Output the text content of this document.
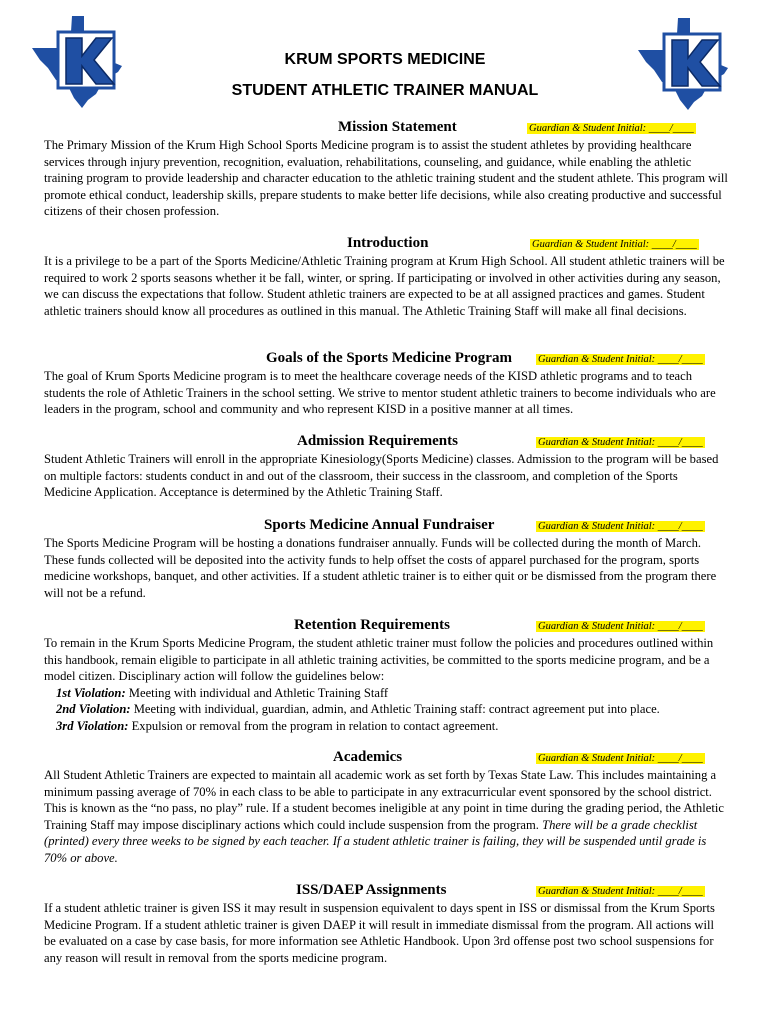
KRUM SPORTS MEDICINE
STUDENT ATHLETIC TRAINER MANUAL
Mission Statement	Guardian & Student Initial: ____/____

The Primary Mission of the Krum High School Sports Medicine program is to assist the student athletes by providing healthcare services through injury prevention, recognition, evaluation, rehabilitations, counseling, and guidance, while enabling the athletic training program to provide leadership and character education to the athletic training student and the student athlete. This program will promote ethical conduct, leadership skills, prepare students to make better life decisions, while also creating productive and successful citizens of their chosen profession.

Introduction	Guardian & Student Initial: ____/____

It is a privilege to be a part of the Sports Medicine/Athletic Training program at Krum High School. All student athletic trainers will be required to work 2 sports seasons whether it be fall, winter, or spring. If participating or involved in other activities during any season, we can discuss the expectations that follow. Student athletic trainers are expected to be at all assigned practices and games. Student athletic trainers should know all procedures as outlined in this manual. The Athletic Training Staff will make all final decisions.

Goals of the Sports Medicine Program Guardian & Student Initial: ____/____

The goal of Krum Sports Medicine program is to meet the healthcare coverage needs of the KISD athletic programs and to teach students the role of Athletic Trainers in the school setting. We strive to mentor student athletic trainers to become individuals who are leaders in the program, school and community and who represent KISD in a positive manner at all times.

Admission Requirements	Guardian & Student Initial: ____/____

Student Athletic Trainers will enroll in the appropriate Kinesiology(Sports Medicine) classes. Admission to the program will be based on multiple factors: students conduct in and out of the classroom, their success in the classroom, and completion of the Sports Medicine Application. Acceptance is determined by the Athletic Training Staff.

Sports Medicine Annual Fundraiser	Guardian & Student Initial: ____/____

The Sports Medicine Program will be hosting a donations fundraiser annually. Funds will be collected during the month of March. These funds collected will be deposited into the activity funds to help offset the costs of apparel purchased for the program, sports medicine workshops, banquet, and other activities. If a student athletic trainer is to either quit or be dismissed from the program there will not be a refund.

Retention Requirements	Guardian & Student Initial: ____/____

To remain in the Krum Sports Medicine Program, the student athletic trainer must follow the policies and procedures outlined within this handbook, remain eligible to participate in all athletic training activities, be committed to the sports medicine program, and be a model citizen. Disciplinary action will follow the guidelines below:

1st Violation: Meeting with individual and Athletic Training Staff
2nd Violation: Meeting with individual, guardian, admin, and Athletic Training staff: contract agreement put into place.
3rd Violation: Expulsion or removal from the program in relation to contact agreement.
Academics	Guardian & Student Initial: ____/____

All Student Athletic Trainers are expected to maintain all academic work as set forth by Texas State Law. This includes maintaining a minimum passing average of 70% in each class to be able to participate in any extracurricular event sponsored by the school district. This is known as the “no pass, no play” rule. If a student becomes ineligible at any point in time during the grading period, the Athletic Training Staff may impose disciplinary actions which could include suspension from the program. There will be a grade checklist (printed) every three weeks to be signed by each teacher. If a student athletic trainer is failing, they will be suspended until grade is 70% or above.

ISS/DAEP Assignments	Guardian & Student Initial: ____/____

If a student athletic trainer is given ISS it may result in suspension equivalent to days spent in ISS or dismissal from the Krum Sports Medicine Program. If a student athletic trainer is given DAEP it will result in immediate dismissal from the program. All actions will be evaluated on a case by case basis, for more information see Athletic Handbook. Upon 3rd offense post two school suspensions for any reason will result in removal from the sports medicine program.
